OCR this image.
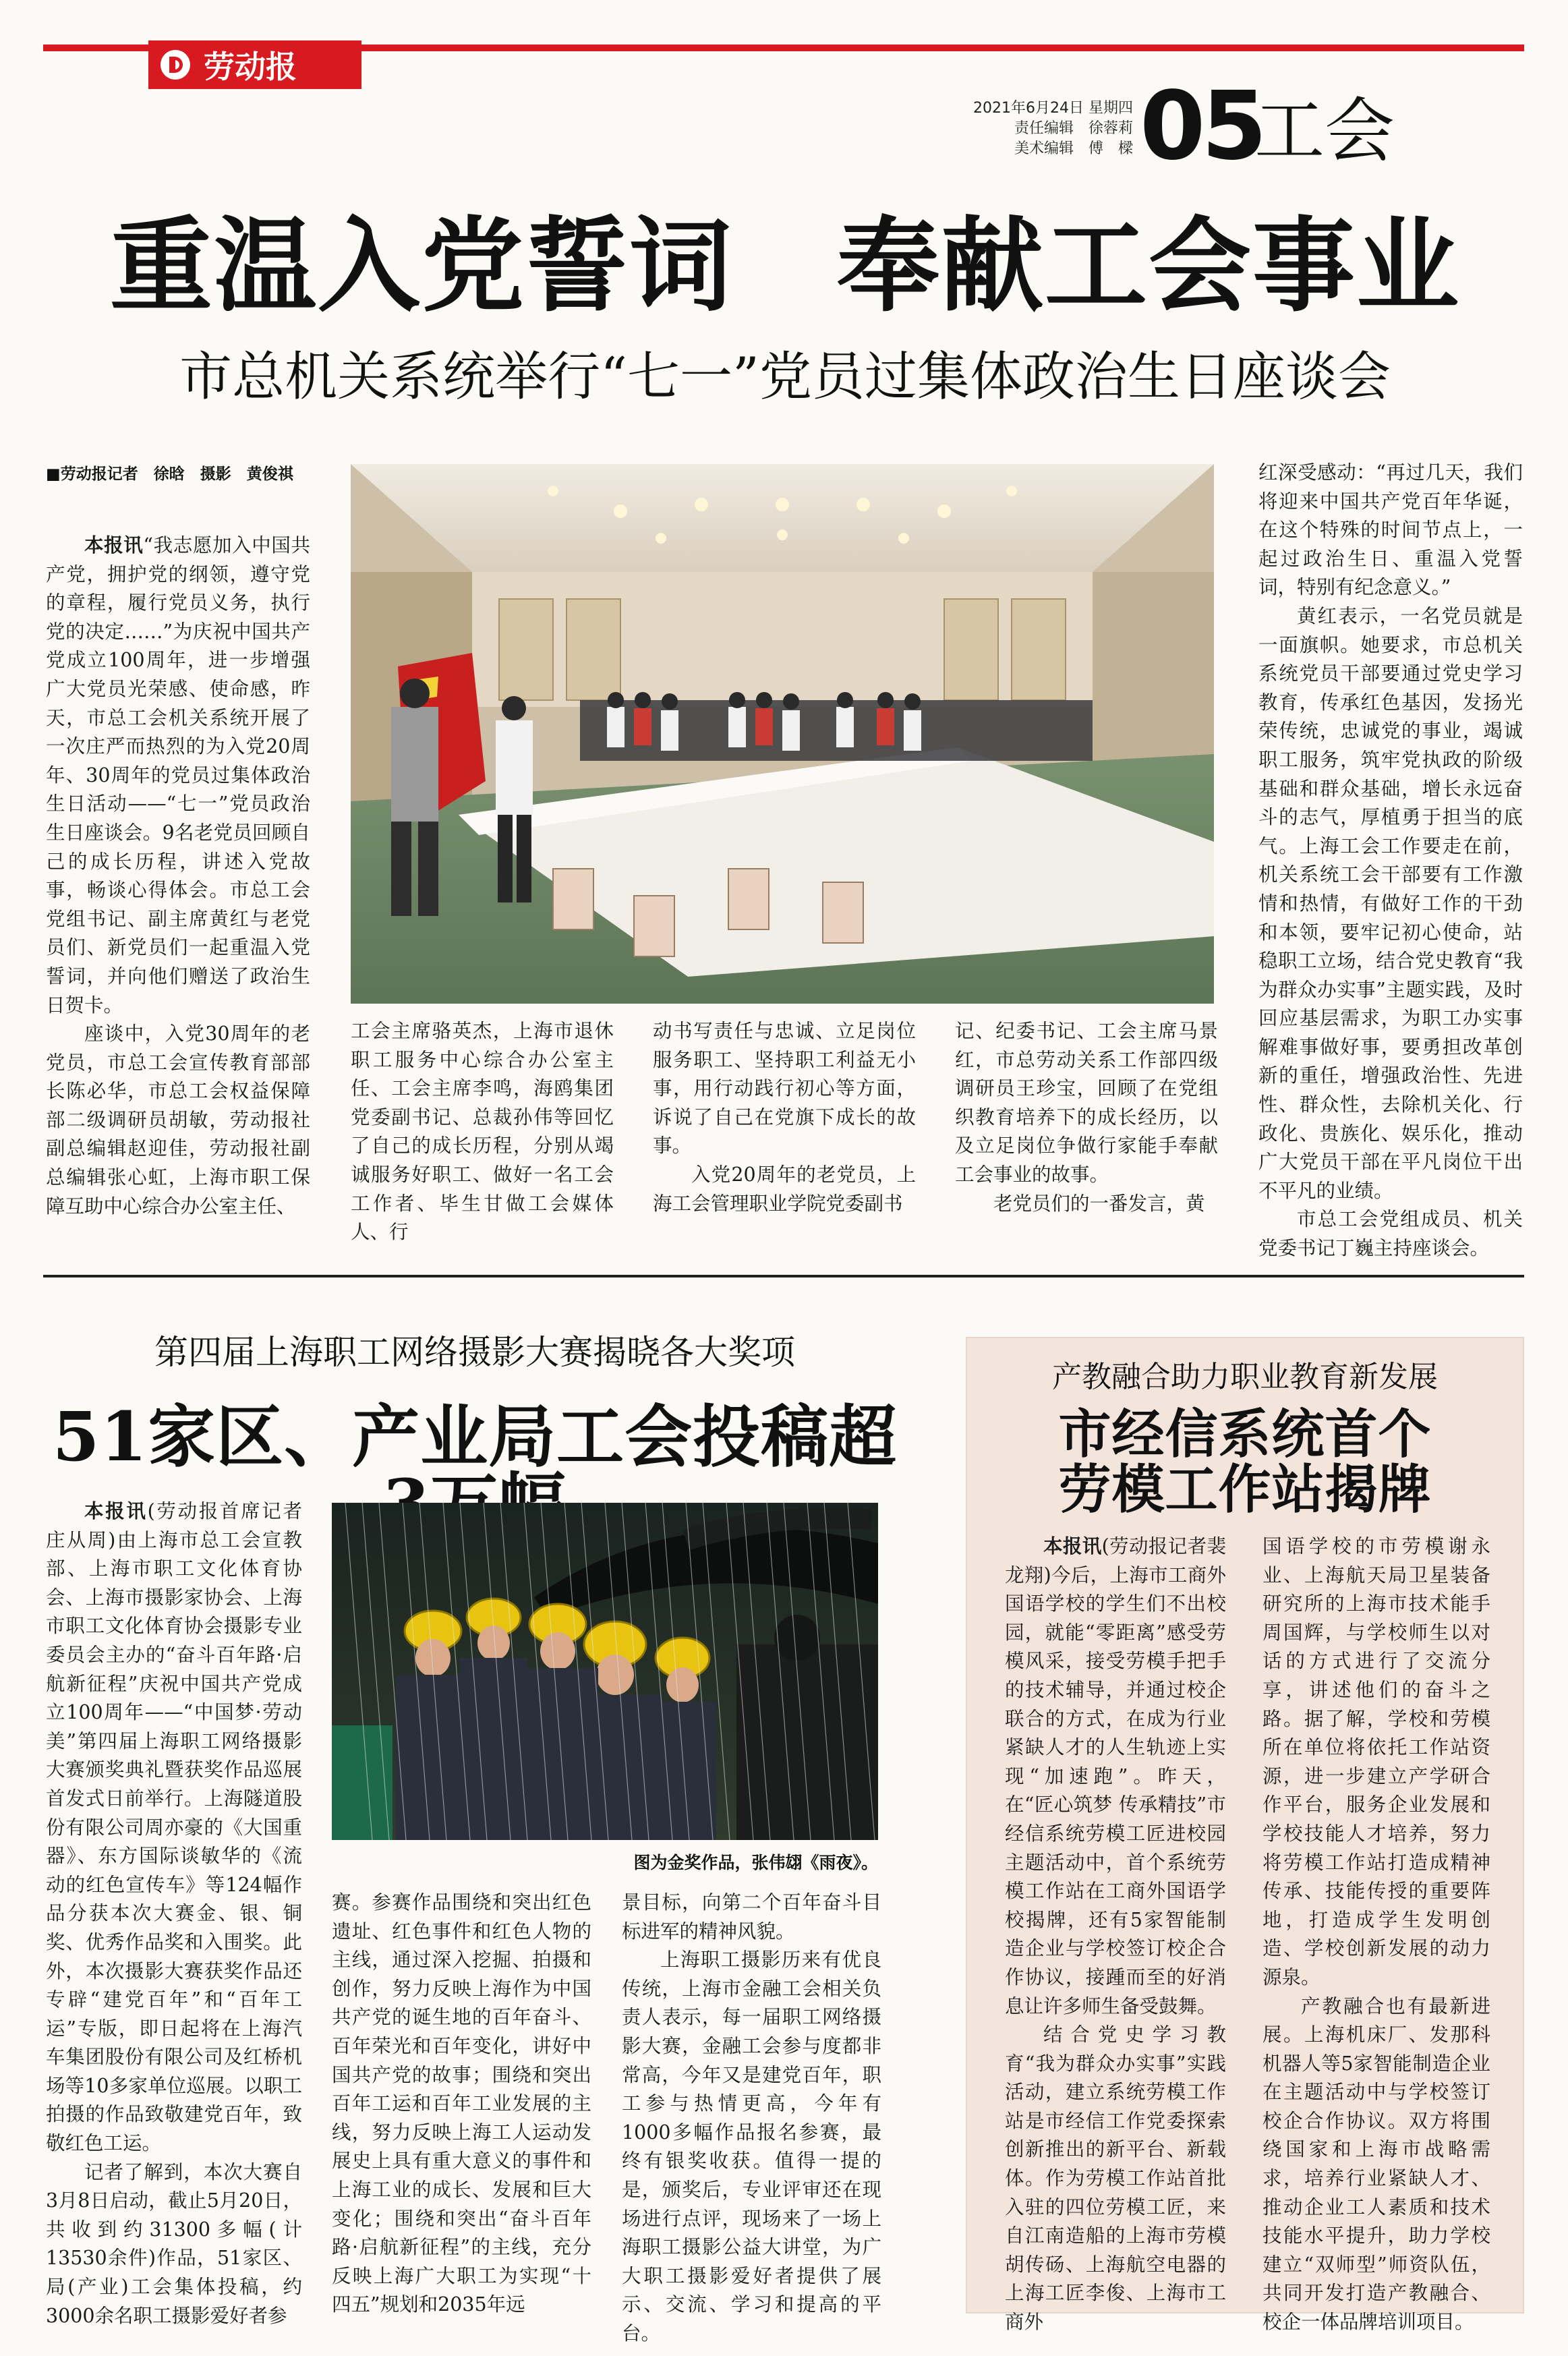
劳动报
2021年6月24日 星期四
责任编辑　徐蓉莉
美术编辑　傅　樑 05
工会
重温入党誓词　奉献工会事业
市总机关系统举行“七一”党员过集体政治生日座谈会
■劳动报记者　徐晗　摄影　黄俊祺

本报讯“我志愿加入中国共产党，拥护党的纲领，遵守党的章程，履行党员义务，执行党的决定……”为庆祝中国共产党成立100周年，进一步增强广大党员光荣感、使命感，昨天，市总工会机关系统开展了一次庄严而热烈的为入党20周年、30周年的党员过集体政治生日活动——“七一”党员政治生日座谈会。9名老党员回顾自己的成长历程，讲述入党故事，畅谈心得体会。市总工会党组书记、副主席黄红与老党员们、新党员们一起重温入党誓词，并向他们赠送了政治生日贺卡。

座谈中，入党30周年的老党员，市总工会宣传教育部部长陈必华，市总工会权益保障部二级调研员胡敏，劳动报社副总编辑赵迎佳，劳动报社副总编辑张心虹，上海市职工保障互助中心综合办公室主任、

工会主席骆英杰，上海市退休职工服务中心综合办公室主任、工会主席李鸣，海鸥集团党委副书记、总裁孙伟等回忆了自己的成长历程，分别从竭诚服务好职工、做好一名工会工作者、毕生甘做工会媒体人、行

动书写责任与忠诚、立足岗位服务职工、坚持职工利益无小事，用行动践行初心等方面，诉说了自己在党旗下成长的故事。

入党20周年的老党员，上海工会管理职业学院党委副书

记、纪委书记、工会主席马景红，市总劳动关系工作部四级调研员王珍宝，回顾了在党组织教育培养下的成长经历，以及立足岗位争做行家能手奉献工会事业的故事。

老党员们的一番发言，黄

红深受感动：“再过几天，我们将迎来中国共产党百年华诞，在这个特殊的时间节点上，一起过政治生日、重温入党誓词，特别有纪念意义。”

黄红表示，一名党员就是一面旗帜。她要求，市总机关系统党员干部要通过党史学习教育，传承红色基因，发扬光荣传统，忠诚党的事业，竭诚职工服务，筑牢党执政的阶级基础和群众基础，增长永远奋斗的志气，厚植勇于担当的底气。上海工会工作要走在前，机关系统工会干部要有工作激情和热情，有做好工作的干劲和本领，要牢记初心使命，站稳职工立场，结合党史教育“我为群众办实事”主题实践，及时回应基层需求，为职工办实事解难事做好事，要勇担改革创新的重任，增强政治性、先进性、群众性，去除机关化、行政化、贵族化、娱乐化，推动广大党员干部在平凡岗位干出不平凡的业绩。

市总工会党组成员、机关党委书记丁巍主持座谈会。

第四届上海职工网络摄影大赛揭晓各大奖项
51家区、产业局工会投稿超

本报讯(劳动报首席记者庄从周)由上海市总工会宣教部、上海市职工文化体育协会、上海市摄影家协会、上海市职工文化体育协会摄影专业委员会主办的“奋斗百年路·启航新征程”庆祝中国共产党成立100周年——“中国梦·劳动美”第四届上海职工网络摄影大赛颁奖典礼暨获奖作品巡展首发式日前举行。上海隧道股份有限公司周亦豪的《大国重器》、东方国际谈敏华的《流动的红色宣传车》等124幅作品分获本次大赛金、银、铜奖、优秀作品奖和入围奖。此外，本次摄影大赛获奖作品还专辟“建党百年”和“百年工运”专版，即日起将在上海汽车集团股份有限公司及红桥机场等10多家单位巡展。以职工拍摄的作品致敬建党百年，致敬红色工运。

记者了解到，本次大赛自3月8日启动，截止5月20日，共收到约31300多幅(计13530余件)作品，51家区、局(产业)工会集体投稿，约3000余名职工摄影爱好者参

图为金奖作品，张伟翃《雨夜》。

赛。参赛作品围绕和突出红色遗址、红色事件和红色人物的主线，通过深入挖掘、拍摄和创作，努力反映上海作为中国共产党的诞生地的百年奋斗、百年荣光和百年变化，讲好中国共产党的故事；围绕和突出百年工运和百年工业发展的主线，努力反映上海工人运动发展史上具有重大意义的事件和上海工业的成长、发展和巨大变化；围绕和突出“奋斗百年路·启航新征程”的主线，充分反映上海广大职工为实现“十四五”规划和2035年远

景目标，向第二个百年奋斗目标进军的精神风貌。

上海职工摄影历来有优良传统，上海市金融工会相关负责人表示，每一届职工网络摄影大赛，金融工会参与度都非常高，今年又是建党百年，职工参与热情更高，今年有1000多幅作品报名参赛，最终有银奖收获。值得一提的是，颁奖后，专业评审还在现场进行点评，现场来了一场上海职工摄影公益大讲堂，为广大职工摄影爱好者提供了展示、交流、学习和提高的平台。

产教融合助力职业教育新发展
市经信系统首个
劳模工作站揭牌

本报讯(劳动报记者裴龙翔)今后，上海市工商外国语学校的学生们不出校园，就能“零距离”感受劳模风采，接受劳模手把手的技术辅导，并通过校企联合的方式，在成为行业紧缺人才的人生轨迹上实现“加速跑”。昨天，在“匠心筑梦 传承精技”市经信系统劳模工匠进校园主题活动中，首个系统劳模工作站在工商外国语学校揭牌，还有5家智能制造企业与学校签订校企合作协议，接踵而至的好消息让许多师生备受鼓舞。

结合党史学习教育“我为群众办实事”实践活动，建立系统劳模工作站是市经信工作党委探索创新推出的新平台、新载体。作为劳模工作站首批入驻的四位劳模工匠，来自江南造船的上海市劳模胡传砀、上海航空电器的上海工匠李俊、上海市工商外

国语学校的市劳模谢永业、上海航天局卫星装备研究所的上海市技术能手周国辉，与学校师生以对话的方式进行了交流分享，讲述他们的奋斗之路。据了解，学校和劳模所在单位将依托工作站资源，进一步建立产学研合作平台，服务企业发展和学校技能人才培养，努力将劳模工作站打造成精神传承、技能传授的重要阵地，打造成学生发明创造、学校创新发展的动力源泉。

产教融合也有最新进展。上海机床厂、发那科机器人等5家智能制造企业在主题活动中与学校签订校企合作协议。双方将围绕国家和上海市战略需求，培养行业紧缺人才、推动企业工人素质和技术技能水平提升，助力学校建立“双师型”师资队伍，共同开发打造产教融合、校企一体品牌培训项目。
